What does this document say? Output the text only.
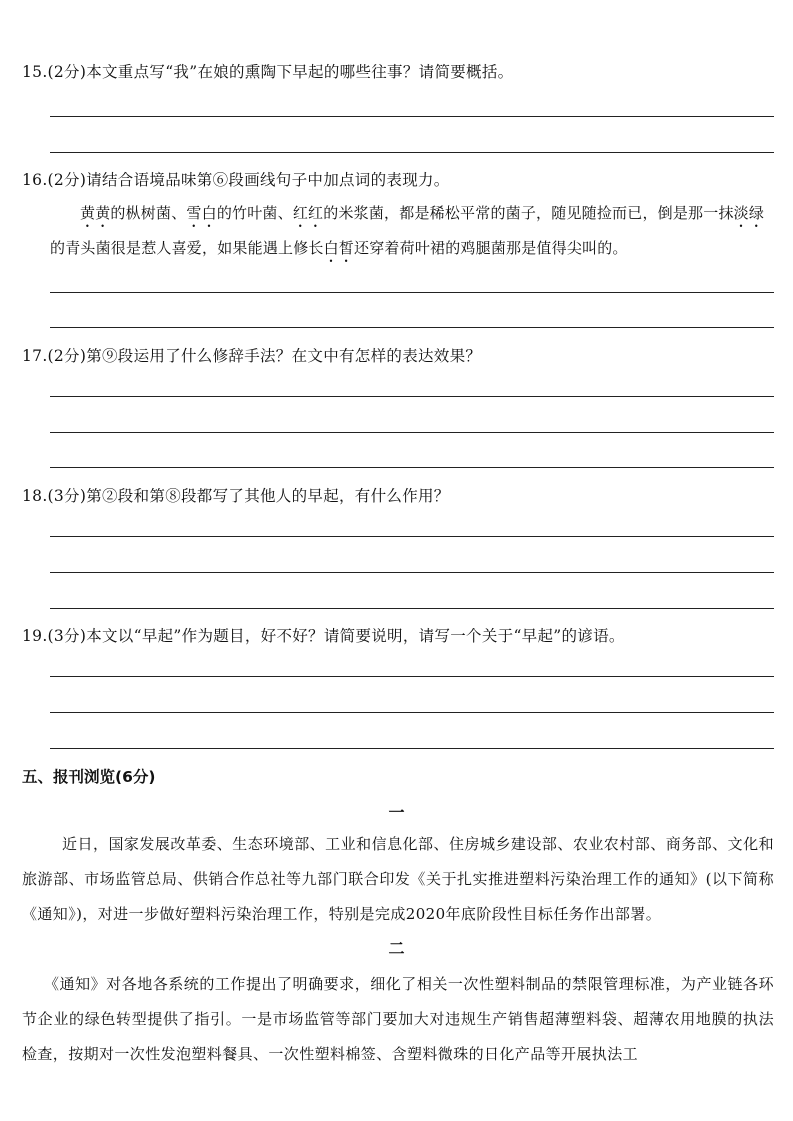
15.(2分)本文重点写“我”在娘的熏陶下早起的哪些往事？请简要概括。
16.(2分)请结合语境品味第⑥段画线句子中加点词的表现力。
黄黄的枞树菌、雪白的竹叶菌、红红的米浆菌，都是稀松平常的菌子，随见随捡而已，倒是那一抹淡绿的青头菌很是惹人喜爱，如果能遇上修长白皙还穿着荷叶裙的鸡腿菌那是值得尖叫的。
17.(2分)第⑨段运用了什么修辞手法？在文中有怎样的表达效果？
18.(3分)第②段和第⑧段都写了其他人的早起，有什么作用？
19.(3分)本文以“早起”作为题目，好不好？请简要说明，请写一个关于“早起”的谚语。
五、报刊浏览(6分)
一
近日，国家发展改革委、生态环境部、工业和信息化部、住房城乡建设部、农业农村部、商务部、文化和旅游部、市场监管总局、供销合作总社等九部门联合印发《关于扎实推进塑料污染治理工作的通知》(以下简称《通知》)，对进一步做好塑料污染治理工作，特别是完成2020年底阶段性目标任务作出部署。
二
《通知》对各地各系统的工作提出了明确要求，细化了相关一次性塑料制品的禁限管理标准，为产业链各环节企业的绿色转型提供了指引。一是市场监管等部门要加大对违规生产销售超薄塑料袋、超薄农用地膜的执法检查，按期对一次性发泡塑料餐具、一次性塑料棉签、含塑料微珠的日化产品等开展执法工
